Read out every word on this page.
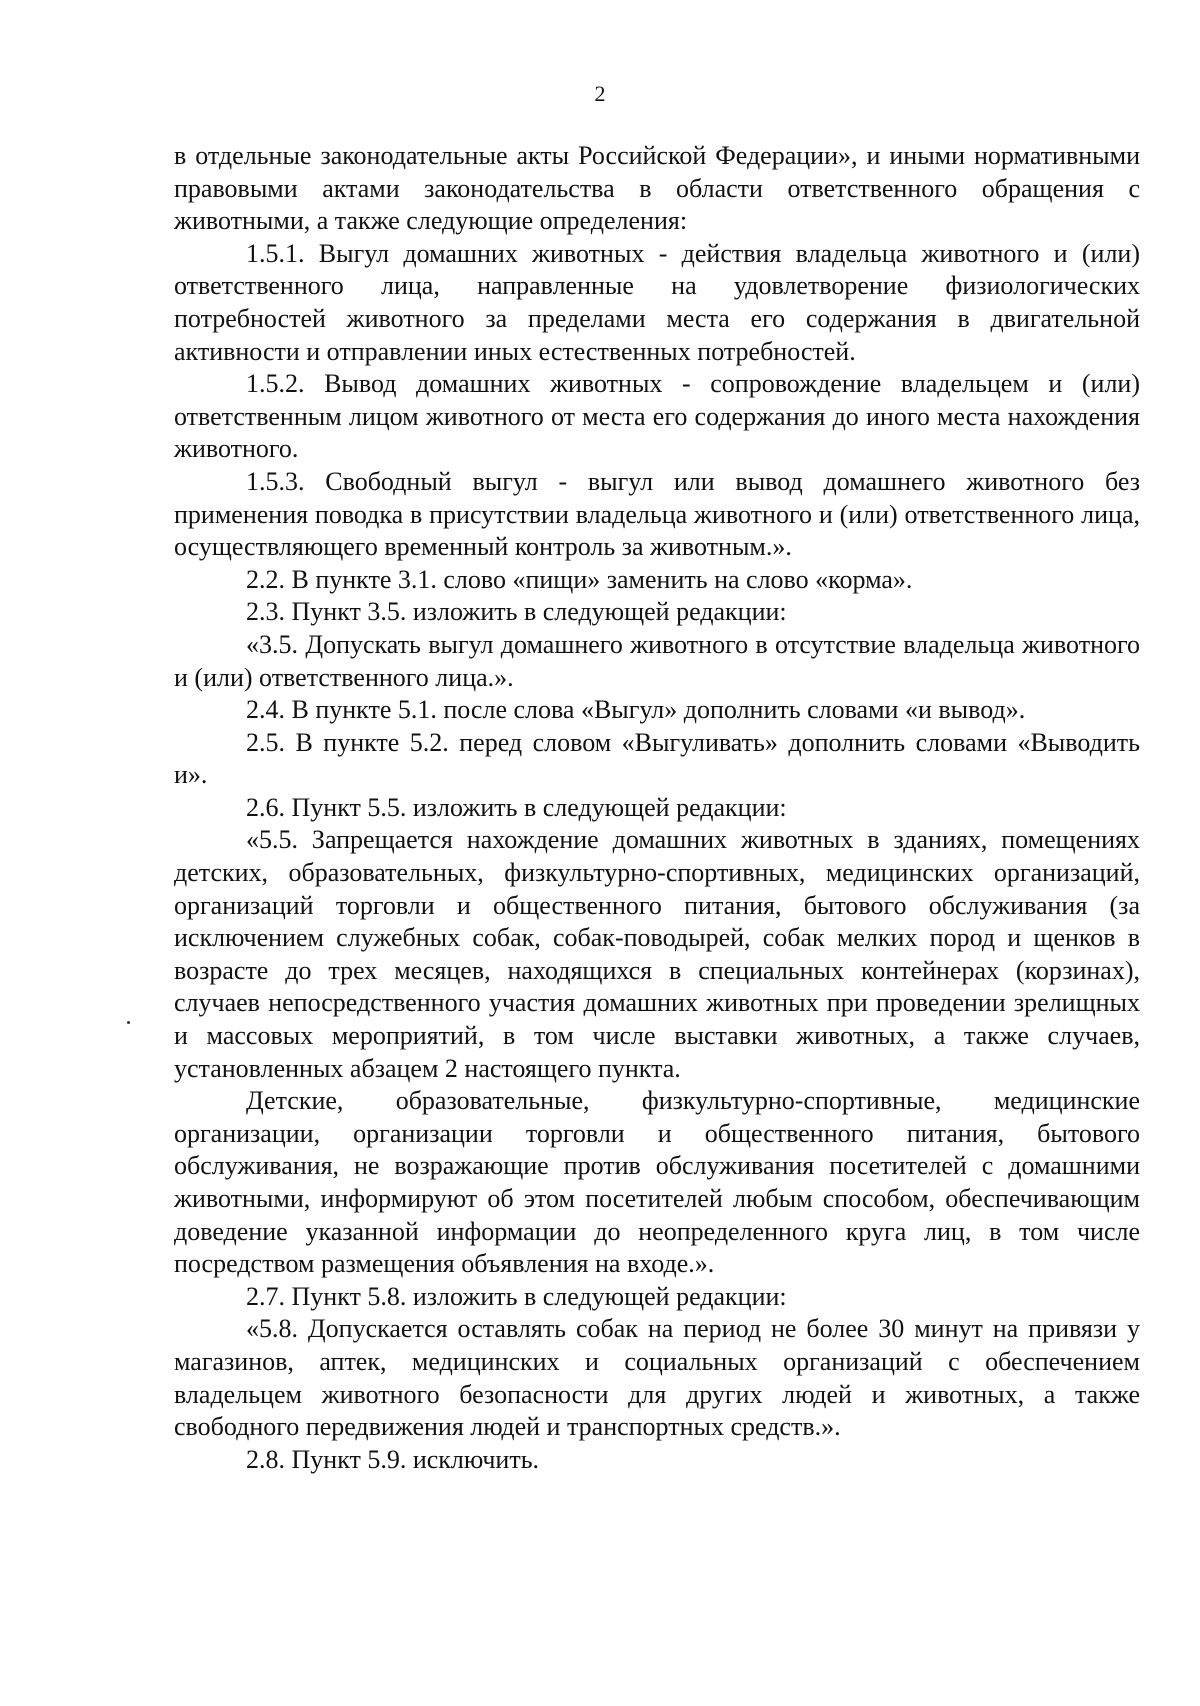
2

в отдельные законодательные акты Российской Федерации», и иными нормативными правовыми актами законодательства в области ответственного обращения с животными, а также следующие определения:

1.5.1. Выгул домашних животных - действия владельца животного и (или) ответственного лица, направленные на удовлетворение физиологических потребностей животного за пределами места его содержания в двигательной активности и отправлении иных естественных потребностей.

1.5.2. Вывод домашних животных - сопровождение владельцем и (или) ответственным лицом животного от места его содержания до иного места нахождения животного.

1.5.3. Свободный выгул - выгул или вывод домашнего животного без применения поводка в присутствии владельца животного и (или) ответственного лица, осуществляющего временный контроль за животным.».

2.2. В пункте 3.1. слово «пищи» заменить на слово «корма».

2.3. Пункт 3.5. изложить в следующей редакции:

«3.5. Допускать выгул домашнего животного в отсутствие владельца животного и (или) ответственного лица.».

2.4. В пункте 5.1. после слова «Выгул» дополнить словами «и вывод».

2.5. В пункте 5.2. перед словом «Выгуливать» дополнить словами «Выводить и».

2.6. Пункт 5.5. изложить в следующей редакции:

«5.5. Запрещается нахождение домашних животных в зданиях, помещениях детских, образовательных, физкультурно-спортивных, медицинских организаций, организаций торговли и общественного питания, бытового обслуживания (за исключением служебных собак, собак-поводырей, собак мелких пород и щенков в возрасте до трех месяцев, находящихся в специальных контейнерах (корзинах), случаев непосредственного участия домашних животных при проведении зрелищных и массовых мероприятий, в том числе выставки животных, а также случаев, установленных абзацем 2 настоящего пункта.

Детские, образовательные, физкультурно-спортивные, медицинские организации, организации торговли и общественного питания, бытового обслуживания, не возражающие против обслуживания посетителей с домашними животными, информируют об этом посетителей любым способом, обеспечивающим доведение указанной информации до неопределенного круга лиц, в том числе посредством размещения объявления на входе.».

2.7. Пункт 5.8. изложить в следующей редакции:

«5.8. Допускается оставлять собак на период не более 30 минут на привязи у магазинов, аптек, медицинских и социальных организаций с обеспечением владельцем животного безопасности для других людей и животных, а также свободного передвижения людей и транспортных средств.».

2.8. Пункт 5.9. исключить.
